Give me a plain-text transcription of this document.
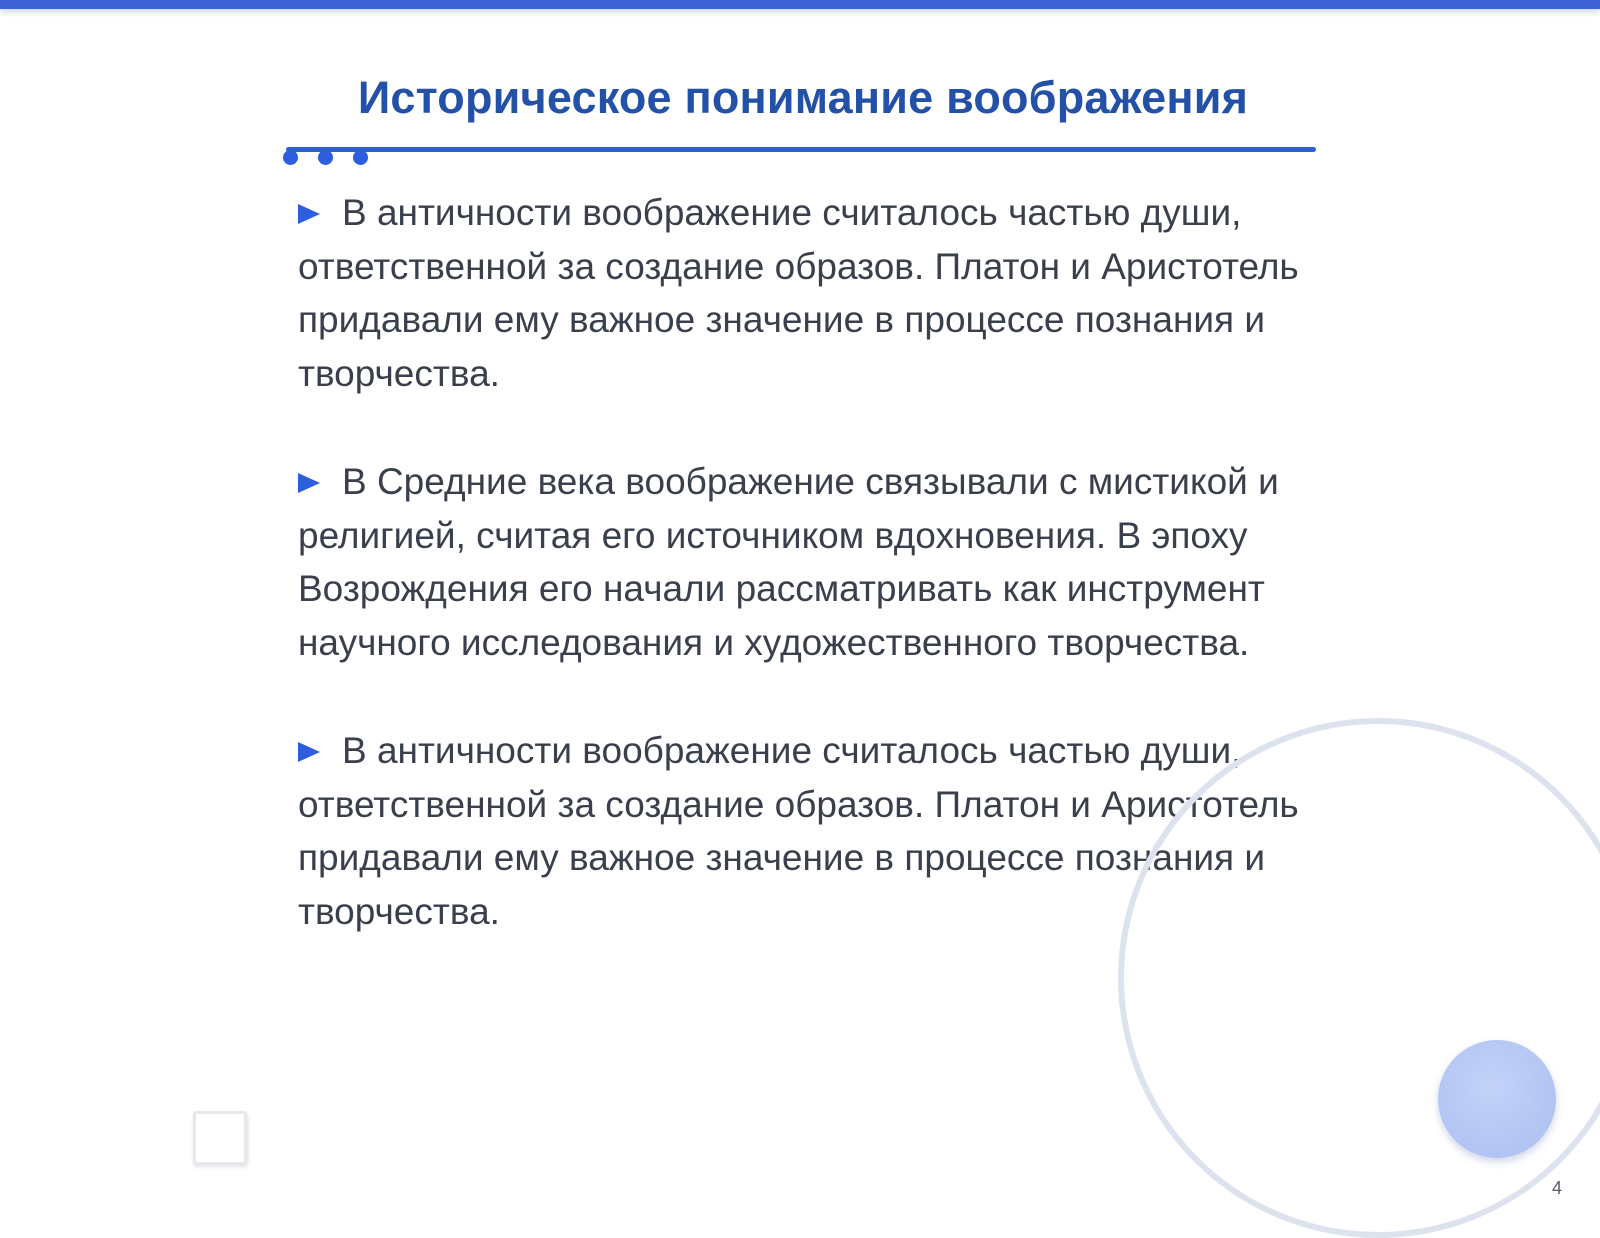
Историческое понимание воображения

В античности воображение считалось частью души, ответственной за создание образов. Платон и Аристотель придавали ему важное значение в процессе познания и творчества.

В Средние века воображение связывали с мистикой и религией, считая его источником вдохновения. В эпоху Возрождения его начали рассматривать как инструмент научного исследования и художественного творчества.

В античности воображение считалось частью души, ответственной за создание образов. Платон и Аристотель придавали ему важное значение в процессе познания и творчества.

4
